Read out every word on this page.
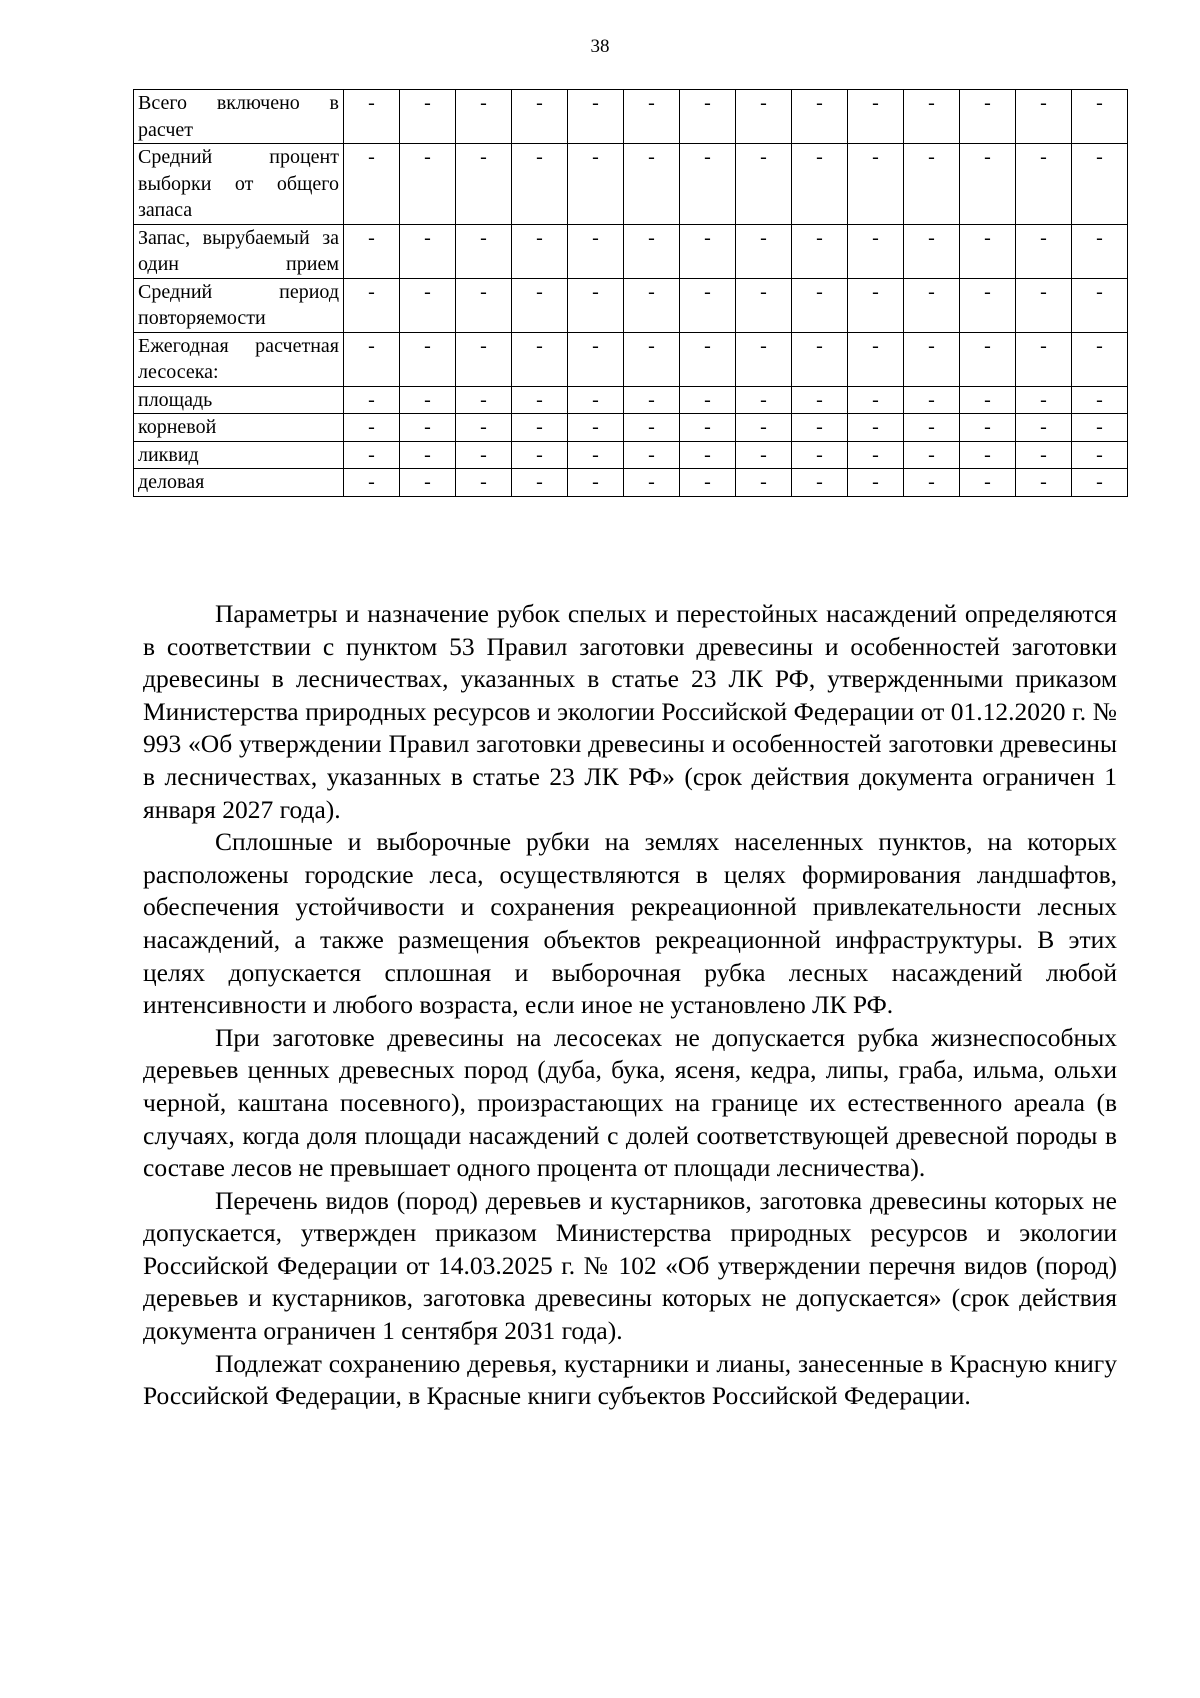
38
Всего включено в расчет	-	-	-	-	-	-	-	-	-	-	-	-	-	-
Средний процент выборки от общего запаса	-	-	-	-	-	-	-	-	-	-	-	-	-	-
Запас, вырубаемый за один прием	-	-	-	-	-	-	-	-	-	-	-	-	-	-
Средний период повторяемости	-	-	-	-	-	-	-	-	-	-	-	-	-	-
Ежегодная расчетная лесосека:	-	-	-	-	-	-	-	-	-	-	-	-	-	-
площадь	-	-	-	-	-	-	-	-	-	-	-	-	-	-
корневой	-	-	-	-	-	-	-	-	-	-	-	-	-	-
ликвид	-	-	-	-	-	-	-	-	-	-	-	-	-	-
деловая	-	-	-	-	-	-	-	-	-	-	-	-	-	-

Параметры и назначение рубок спелых и перестойных насаждений определяются в соответствии с пунктом 53 Правил заготовки древесины и особенностей заготовки древесины в лесничествах, указанных в статье 23 ЛК РФ, утвержденными приказом Министерства природных ресурсов и экологии Российской Федерации от 01.12.2020 г. № 993 «Об утверждении Правил заготовки древесины и особенностей заготовки древесины в лесничествах, указанных в статье 23 ЛК РФ» (срок действия документа ограничен 1 января 2027 года).

Сплошные и выборочные рубки на землях населенных пунктов, на которых расположены городские леса, осуществляются в целях формирования ландшафтов, обеспечения устойчивости и сохранения рекреационной привлекательности лесных насаждений, а также размещения объектов рекреационной инфраструктуры. В этих целях допускается сплошная и выборочная рубка лесных насаждений любой интенсивности и любого возраста, если иное не установлено ЛК РФ.

При заготовке древесины на лесосеках не допускается рубка жизнеспособных деревьев ценных древесных пород (дуба, бука, ясеня, кедра, липы, граба, ильма, ольхи черной, каштана посевного), произрастающих на границе их естественного ареала (в случаях, когда доля площади насаждений с долей соответствующей древесной породы в составе лесов не превышает одного процента от площади лесничества).

Перечень видов (пород) деревьев и кустарников, заготовка древесины которых не допускается, утвержден приказом Министерства природных ресурсов и экологии Российской Федерации от 14.03.2025 г. № 102 «Об утверждении перечня видов (пород) деревьев и кустарников, заготовка древесины которых не допускается» (срок действия документа ограничен 1 сентября 2031 года).

Подлежат сохранению деревья, кустарники и лианы, занесенные в Красную книгу Российской Федерации, в Красные книги субъектов Российской Федерации.
